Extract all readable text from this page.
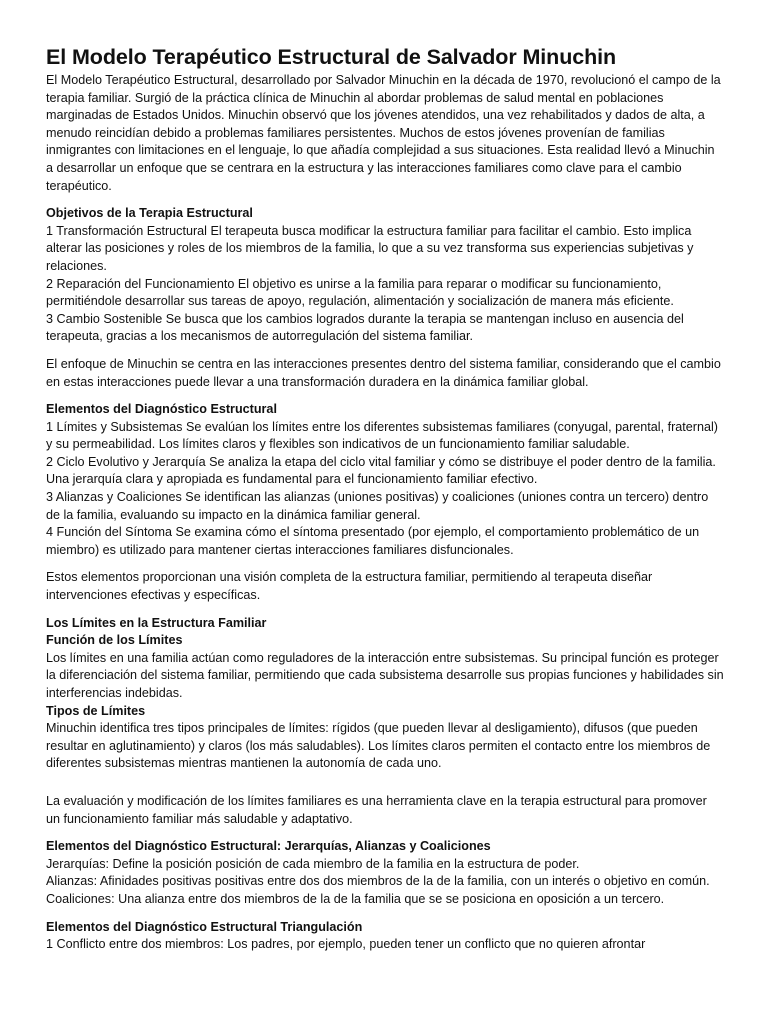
El Modelo Terapéutico Estructural de Salvador Minuchin

El Modelo Terapéutico Estructural, desarrollado por Salvador Minuchin en la década de 1970, revolucionó el campo de la terapia familiar. Surgió de la práctica clínica de Minuchin al abordar problemas de salud mental en poblaciones marginadas de Estados Unidos. Minuchin observó que los jóvenes atendidos, una vez rehabilitados y dados de alta, a menudo reincidían debido a problemas familiares persistentes. Muchos de estos jóvenes provenían de familias inmigrantes con limitaciones en el lenguaje, lo que añadía complejidad a sus situaciones. Esta realidad llevó a Minuchin a desarrollar un enfoque que se centrara en la estructura y las interacciones familiares como clave para el cambio terapéutico.

Objetivos de la Terapia Estructural

1 Transformación Estructural El terapeuta busca modificar la estructura familiar para facilitar el cambio. Esto implica alterar las posiciones y roles de los miembros de la familia, lo que a su vez transforma sus experiencias subjetivas y relaciones.

2 Reparación del Funcionamiento El objetivo es unirse a la familia para reparar o modificar su funcionamiento, permitiéndole desarrollar sus tareas de apoyo, regulación, alimentación y socialización de manera más eficiente.

3 Cambio Sostenible Se busca que los cambios logrados durante la terapia se mantengan incluso en ausencia del terapeuta, gracias a los mecanismos de autorregulación del sistema familiar.

El enfoque de Minuchin se centra en las interacciones presentes dentro del sistema familiar, considerando que el cambio en estas interacciones puede llevar a una transformación duradera en la dinámica familiar global.

Elementos del Diagnóstico Estructural

1 Límites y Subsistemas Se evalúan los límites entre los diferentes subsistemas familiares (conyugal, parental, fraternal) y su permeabilidad. Los límites claros y flexibles son indicativos de un funcionamiento familiar saludable.

2 Ciclo Evolutivo y Jerarquía Se analiza la etapa del ciclo vital familiar y cómo se distribuye el poder dentro de la familia. Una jerarquía clara y apropiada es fundamental para el funcionamiento familiar efectivo.

3 Alianzas y Coaliciones Se identifican las alianzas (uniones positivas) y coaliciones (uniones contra un tercero) dentro de la familia, evaluando su impacto en la dinámica familiar general.

4 Función del Síntoma Se examina cómo el síntoma presentado (por ejemplo, el comportamiento problemático de un miembro) es utilizado para mantener ciertas interacciones familiares disfuncionales.

Estos elementos proporcionan una visión completa de la estructura familiar, permitiendo al terapeuta diseñar intervenciones efectivas y específicas.

Los Límites en la Estructura Familiar

Función de los Límites

Los límites en una familia actúan como reguladores de la interacción entre subsistemas. Su principal función es proteger la diferenciación del sistema familiar, permitiendo que cada subsistema desarrolle sus propias funciones y habilidades sin interferencias indebidas.

Tipos de Límites

Minuchin identifica tres tipos principales de límites: rígidos (que pueden llevar al desligamiento), difusos (que pueden resultar en aglutinamiento) y claros (los más saludables). Los límites claros permiten el contacto entre los miembros de diferentes subsistemas mientras mantienen la autonomía de cada uno.

La evaluación y modificación de los límites familiares es una herramienta clave en la terapia estructural para promover un funcionamiento familiar más saludable y adaptativo.

Elementos del Diagnóstico Estructural: Jerarquías, Alianzas y Coaliciones

Jerarquías: Define la posición posición de cada miembro de la familia en la estructura de poder.

Alianzas: Afinidades positivas positivas entre dos dos miembros de la de la familia, con un interés o objetivo en común.

Coaliciones: Una alianza entre dos miembros de la de la familia que se se posiciona en oposición a un tercero.

Elementos del Diagnóstico Estructural Triangulación

1 Conflicto entre dos miembros: Los padres, por ejemplo, pueden tener un conflicto que no quieren afrontar
